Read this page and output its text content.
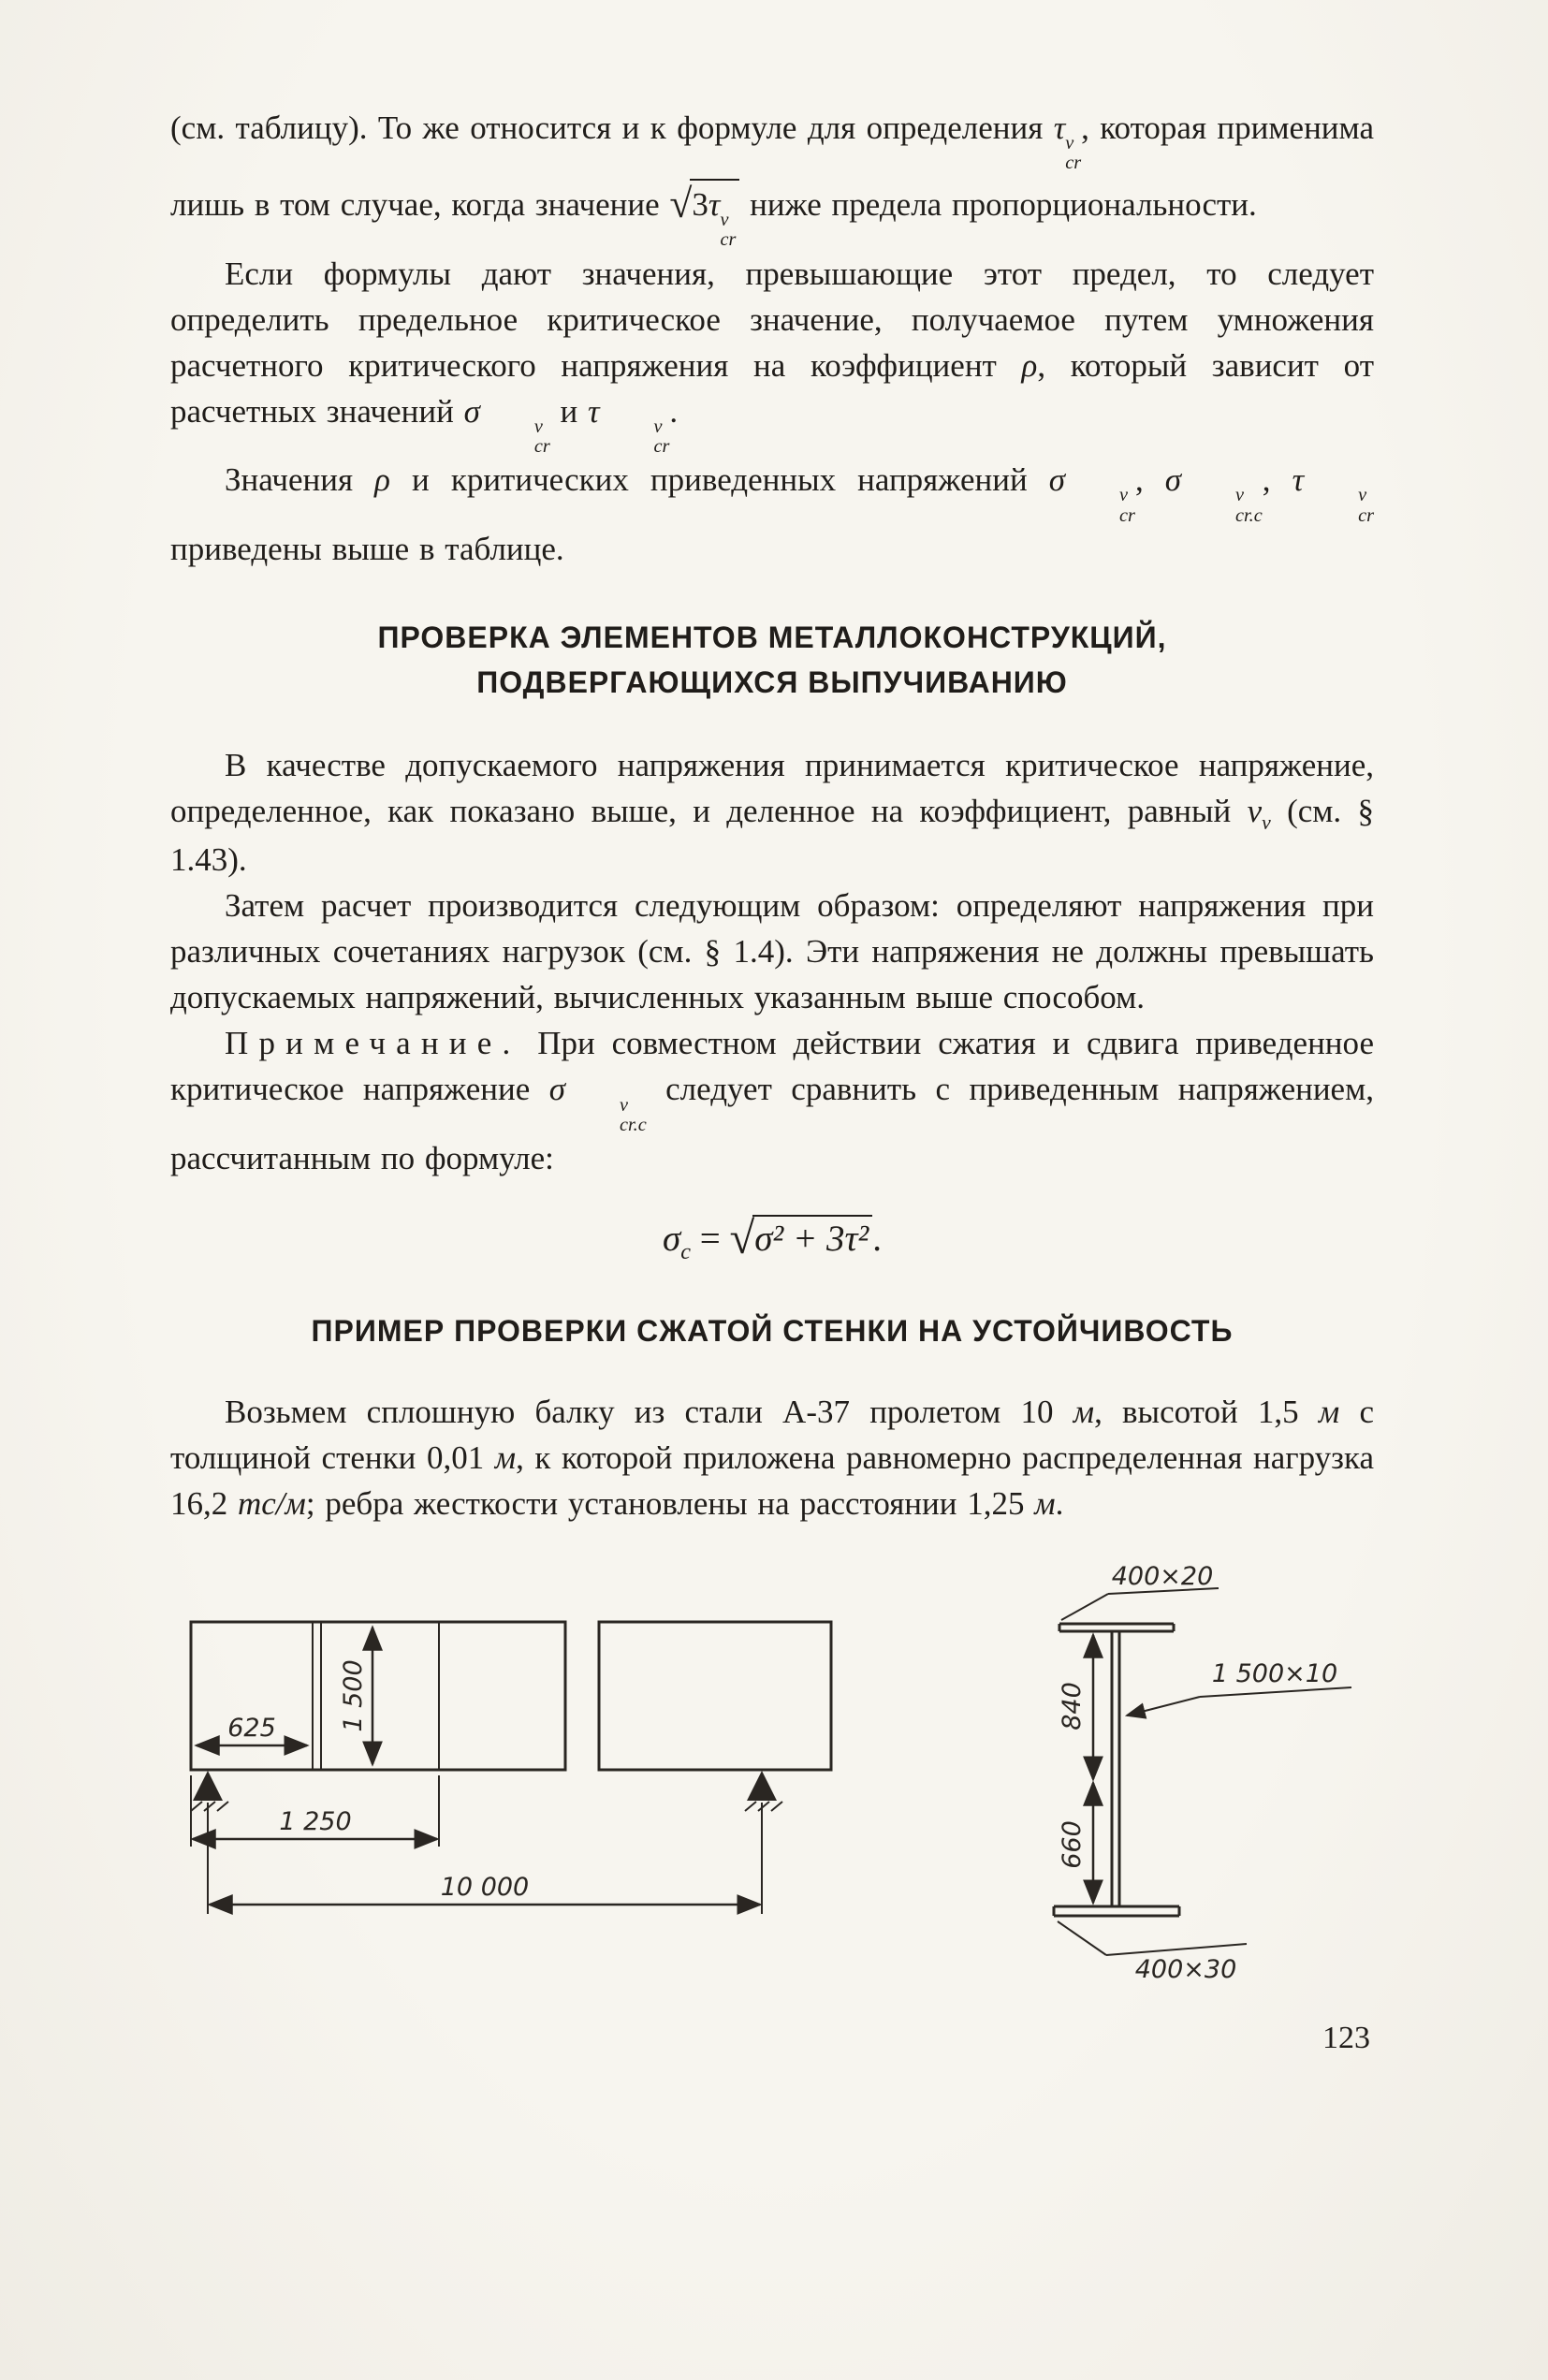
(см. таблицу). То же относится и к формуле для определения τ v
cr
, которая применима лишь в том случае, когда значение √3τ v
cr
ниже предела пропорциональности.

Если формулы дают значения, превышающие этот предел, то следует определить предельное критическое значение, получаемое путем умножения расчетного критического напряжения на коэффициент ρ, который зависит от расчетных значений σ	v
cr
и τ	v
cr
.

Значения ρ и критических приведенных напряжений σ	v
cr
, σ	v
cr.c
, τ	v
cr
приведены выше в таблице.

ПРОВЕРКА ЭЛЕМЕНТОВ МЕТАЛЛОКОНСТРУКЦИЙ,
ПОДВЕРГАЮЩИХСЯ ВЫПУЧИВАНИЮ

В качестве допускаемого напряжения принимается критическое напряжение, определенное, как показано выше, и деленное на коэффициент, равный $\nu_v$ (см. § 1.43).

Затем расчет производится следующим образом: определяют напряжения при различных сочетаниях нагрузок (см. § 1.4). Эти напряжения не должны превышать допускаемых напряжений, вычисленных указанным выше способом.

Примечание. При совместном действии сжатия и сдвига приведенное критическое напряжение σ	v
cr.c
следует сравнить с приведенным напряжением, рассчитанным по формуле:

$\sigma_c = √\sigma^2 + 3\tau^2$ .
ПРИМЕР ПРОВЕРКИ СЖАТОЙ СТЕНКИ НА УСТОЙЧИВОСТЬ

Возьмем сплошную балку из стали А-37 пролетом 10 м, высотой 1,5 м с толщиной стенки 0,01 м, к которой приложена равномерно распределенная нагрузка 16,2 тс/м; ребра жесткости установлены на расстоянии 1,25 м.

625 1 500
1 250
10 000
400×20
1 500×10
400×30
840
660
123
